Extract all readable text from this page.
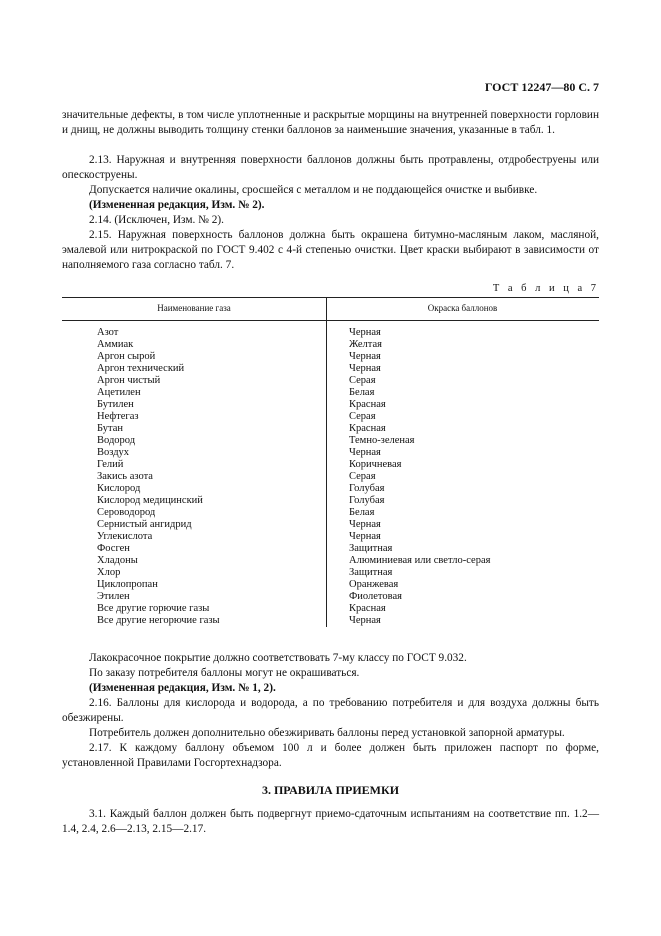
ГОСТ 12247—80 С. 7
значительные дефекты, в том числе уплотненные и раскрытые морщины на внутренней поверхности горловин и днищ, не должны выводить толщину стенки баллонов за наименьшие значения, указанные в табл. 1.
2.13. Наружная и внутренняя поверхности баллонов должны быть протравлены, отдробеструены или опескоструены.
Допускается наличие окалины, сросшейся с металлом и не поддающейся очистке и выбивке.
(Измененная редакция, Изм. № 2).
2.14. (Исключен, Изм. № 2).
2.15. Наружная поверхность баллонов должна быть окрашена битумно-масляным лаком, масляной, эмалевой или нитрокраской по ГОСТ 9.402 с 4-й степенью очистки. Цвет краски выбирают в зависимости от наполняемого газа согласно табл. 7.
Т а б л и ц а 7
Наименование газа	Окраска баллонов
Азот	Черная
Аммиак	Желтая
Аргон сырой	Черная
Аргон технический	Черная
Аргон чистый	Серая
Ацетилен	Белая
Бутилен	Красная
Нефтегаз	Серая
Бутан	Красная
Водород	Темно-зеленая
Воздух	Черная
Гелий	Коричневая
Закись азота	Серая
Кислород	Голубая
Кислород медицинский	Голубая
Сероводород	Белая
Сернистый ангидрид	Черная
Углекислота	Черная
Фосген	Защитная
Хладоны	Алюминиевая или светло-серая
Хлор	Защитная
Циклопропан	Оранжевая
Этилен	Фиолетовая
Все другие горючие газы	Красная
Все другие негорючие газы	Черная
Лакокрасочное покрытие должно соответствовать 7-му классу по ГОСТ 9.032.
По заказу потребителя баллоны могут не окрашиваться.
(Измененная редакция, Изм. № 1, 2).
2.16. Баллоны для кислорода и водорода, а по требованию потребителя и для воздуха должны быть обезжирены.
Потребитель должен дополнительно обезжиривать баллоны перед установкой запорной арматуры.
2.17. К каждому баллону объемом 100 л и более должен быть приложен паспорт по форме, установленной Правилами Госгортехнадзора.
3. ПРАВИЛА ПРИЕМКИ
3.1. Каждый баллон должен быть подвергнут приемо-сдаточным испытаниям на соответствие пп. 1.2—1.4, 2.4, 2.6—2.13, 2.15—2.17.
